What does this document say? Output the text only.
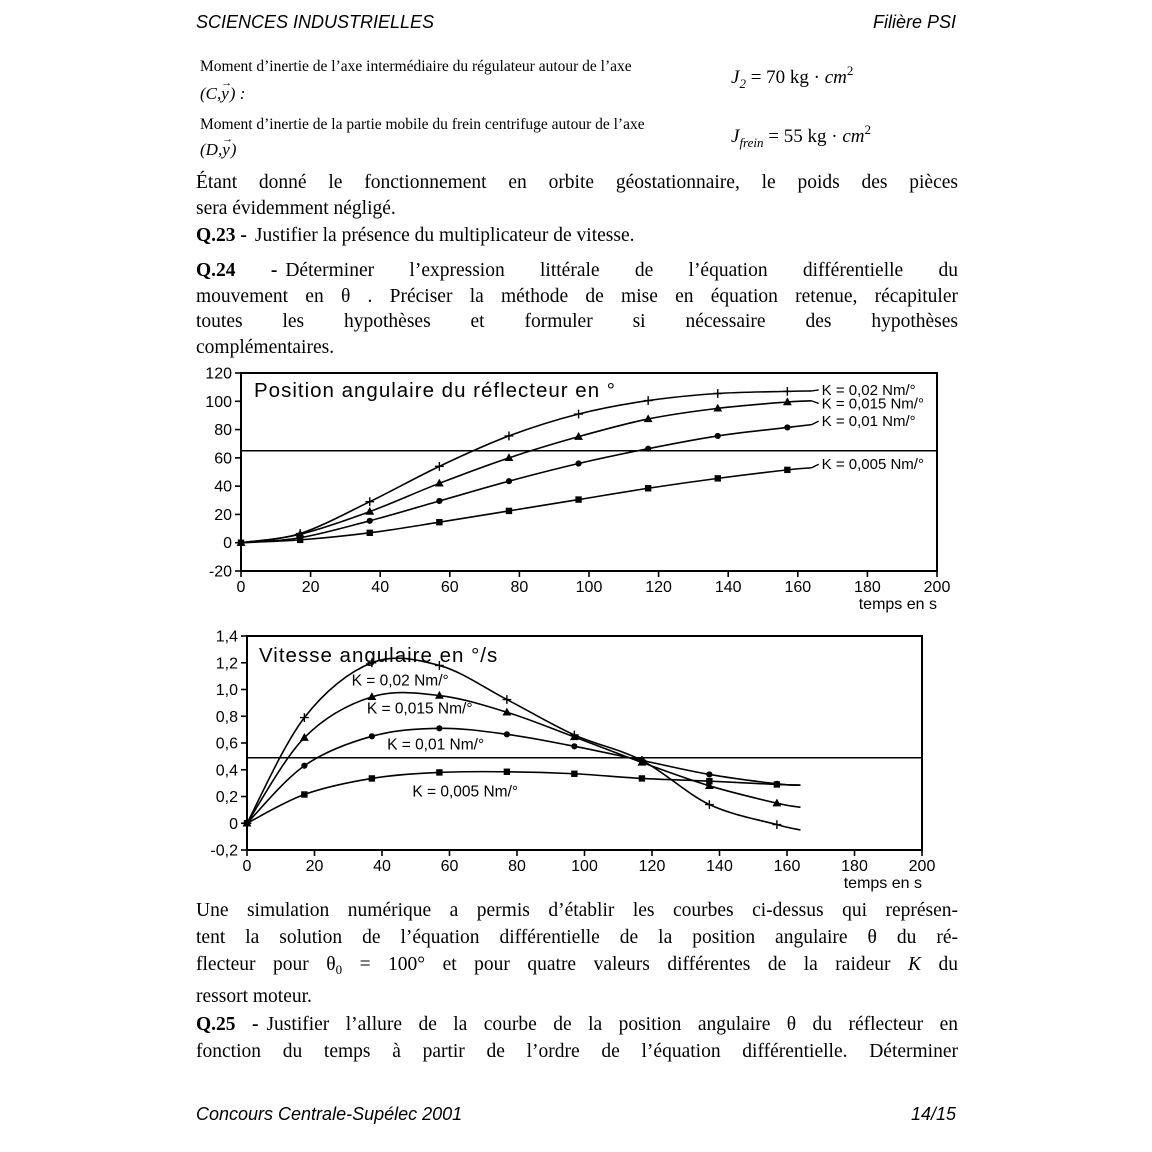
Filière PSI
SCIENCES INDUSTRIELLES
Moment d’inertie de l’axe intermédiaire du régulateur autour de l’axe
(C,y
→
) :
$J_2 = 70$ kg · $cm^2$
Moment d’inertie de la partie mobile du frein centrifuge autour de l’axe
(D,y
→
)
$J_{frein} = 55$ kg · $cm^2$
Étant donné le fonctionnement en orbite géostationnaire, le poids des pièces
sera évidemment négligé.
Q.23 - Justifier la présence du multiplicateur de vitesse.
Q.24 - Déterminer l’expression littérale de l’équation différentielle du
mouvement en θ . Préciser la méthode de mise en équation retenue, récapituler
toutes les hypothèses et formuler si nécessaire des hypothèses
complémentaires.
120
100
80
60
40
20
0
-20
0	20	40	60	80	100	120	140	160	180	200
temps en s
K = 0,02 Nm/°
K = 0,015 Nm/°
K = 0,01 Nm/°
K = 0,005 Nm/°
Position angulaire du réflecteur en °
1,4
1,2
1,0
0,8
0,6
0,4
0,2
0
-0,2
0	20	40	60	80	100	120	140	160	180	200
temps en s
K = 0,02 Nm/°
K = 0,015 Nm/°
K = 0,01 Nm/°
K = 0,005 Nm/°
Vitesse angulaire en °/s
Une simulation numérique a permis d’établir les courbes ci-dessus qui représen-
tent la solution de l’équation différentielle de la position angulaire θ du ré-
flecteur pour $\theta_0 = 100^\circ$ et pour quatre valeurs différentes de la raideur K du
ressort moteur.
Q.25 - Justifier l’allure de la courbe de la position angulaire θ du réflecteur en
fonction du temps à partir de l’ordre de l’équation différentielle. Déterminer
14/15
Concours Centrale-Supélec 2001
